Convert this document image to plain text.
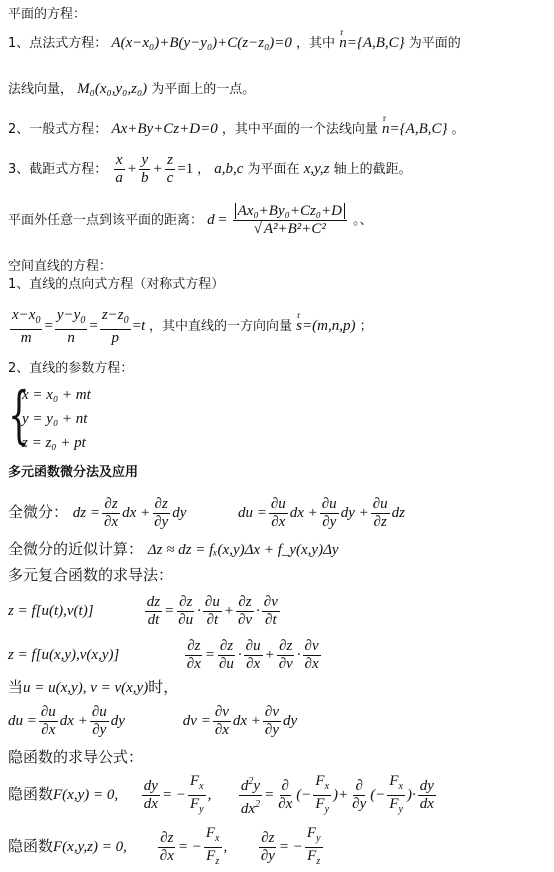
平面的方程：
1、点法式方程： A(x−x₀)+B(y−y₀)+C(z−z₀)=0 ，其中 r n={A,B,C} 为平面的
法线向量， M₀(x₀,y₀,z₀) 为平面上的一点。
2、一般式方程： Ax+By+Cz+D=0 ，其中平面的一个法线向量 r n={A,B,C} 。
3、截距式方程： $\frac{x}{a} + \frac{y}{b} + \frac{z}{c} =1$ ， a,b,c 为平面在 x,y,z 轴上的截距。
平面外任意一点到该平面的距离： $d = \frac{\text{Ax₀+By₀+Cz₀+D}}{\text{√ A²+B²+C²}}$ 。、
空间直线的方程：
1、直线的点向式方程（对称式方程）
$\frac{x-x_0}{m} = \frac{y-y_0}{n} = \frac{z-z_0}{p} =t$ ，其中直线的一方向向量 r s=(m,n,p) ；
2、直线的参数方程：
{
x = x₀ + mt
y = y₀ + nt
z = z₀ + pt
多元函数微分法及应用
全微分： dz = $\frac{\partial z}{\partial x}$ dx + $\frac{\partial z}{\partial y}$ dy	du = $\frac{\partial u}{\partial x}$ dx + $\frac{\partial u}{\partial y}$ dy + $\frac{\partial u}{\partial z}$ dz
全微分的近似计算： Δz ≈ dz = fₓ(x,y)Δx + f_y(x,y)Δy
多元复合函数的求导法：
z = f[u(t),v(t)]	$\frac{dz}{dt} = \frac{\partial z}{\partial u} \cdot \frac{\partial u}{\partial t} + \frac{\partial z}{\partial v} \cdot \frac{\partial v}{\partial t}$
z = f[u(x,y),v(x,y)]	$\frac{\partial z}{\partial x} = \frac{\partial z}{\partial u} \cdot \frac{\partial u}{\partial x} + \frac{\partial z}{\partial v} \cdot \frac{\partial v}{\partial x}$
当u = u(x,y), v = v(x,y)时，
du = $\frac{\partial u}{\partial x}$ dx + $\frac{\partial u}{\partial y}$ dy	dv = $\frac{\partial v}{\partial x}$ dx + $\frac{\partial v}{\partial y}$ dy
隐函数的求导公式：
隐函数F(x,y) = 0, $\frac{dy}{dx}$ = − $\frac{F_x}{F_y}$ , $\frac{d^2y}{dx^2} = \frac{\partial}{\partial x}$ (− $\frac{F_x}{F_y}$ )+ $\frac{\partial}{\partial y}$ (− $\frac{F_x}{F_y}$ )· $\frac{dy}{dx}$
隐函数F(x,y,z) = 0, $\frac{\partial z}{\partial x}$ = − $\frac{F_x}{F_z}$ , $\frac{\partial z}{\partial y}$ = − $\frac{F_y}{F_z}$
